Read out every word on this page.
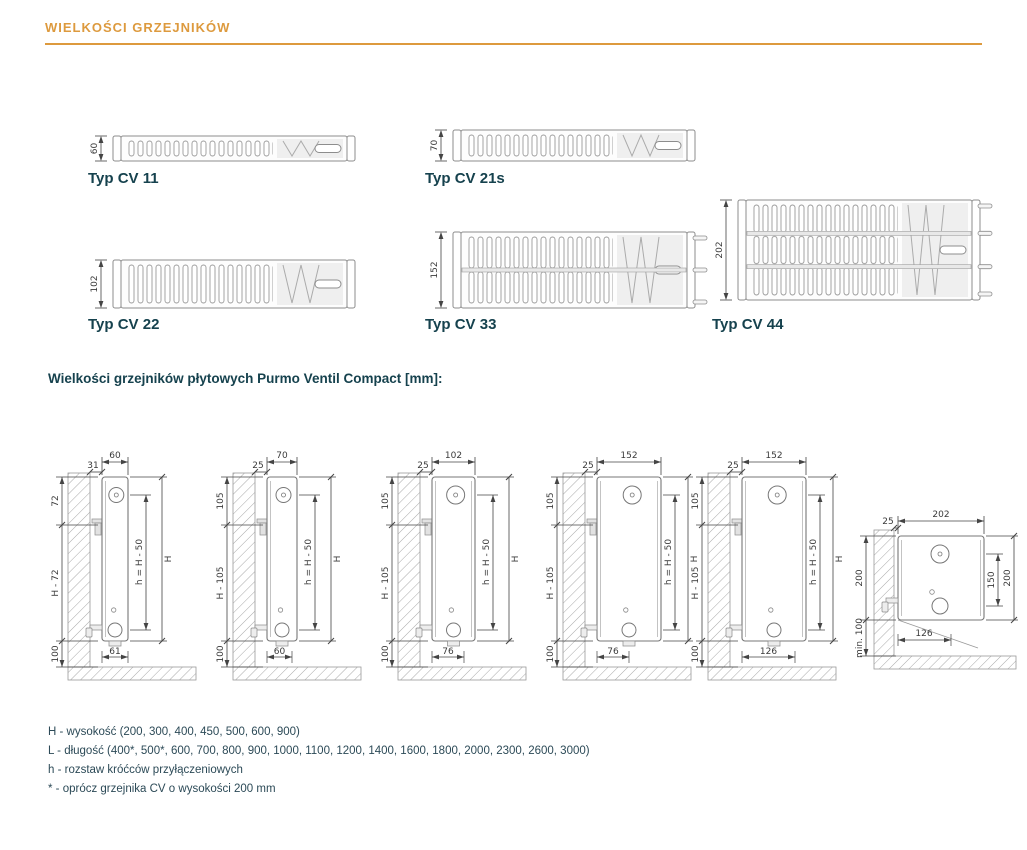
WIELKOŚCI GRZEJNIKÓW
Typ CV 11	Typ CV 21s
Typ CV 22	Typ CV 33	Typ CV 44
Wielkości grzejników płytowych Purmo Ventil Compact [mm]:
H - wysokość (200, 300, 400, 450, 500, 600, 900)
L - długość (400*, 500*, 600, 700, 800, 900, 1000, 1100, 1200, 1400, 1600, 1800, 2000, 2300, 2600, 3000)
h - rozstaw króćców przyłączeniowych
* - oprócz grzejnika CV o wysokości 200 mm
60	70
102
152
202
60
31
72
H - 72
100
h = H - 50 H
61
70
25
105
H - 105
100
h = H - 50 H
60
102
25
105
H - 105
100
h = H - 50 H
76
152
25
105
H - 105
100
h = H - 50 H
76
152
25
105
H - 105
100
h = H - 50 H
126
202
25
200
min. 100
150 200
126
